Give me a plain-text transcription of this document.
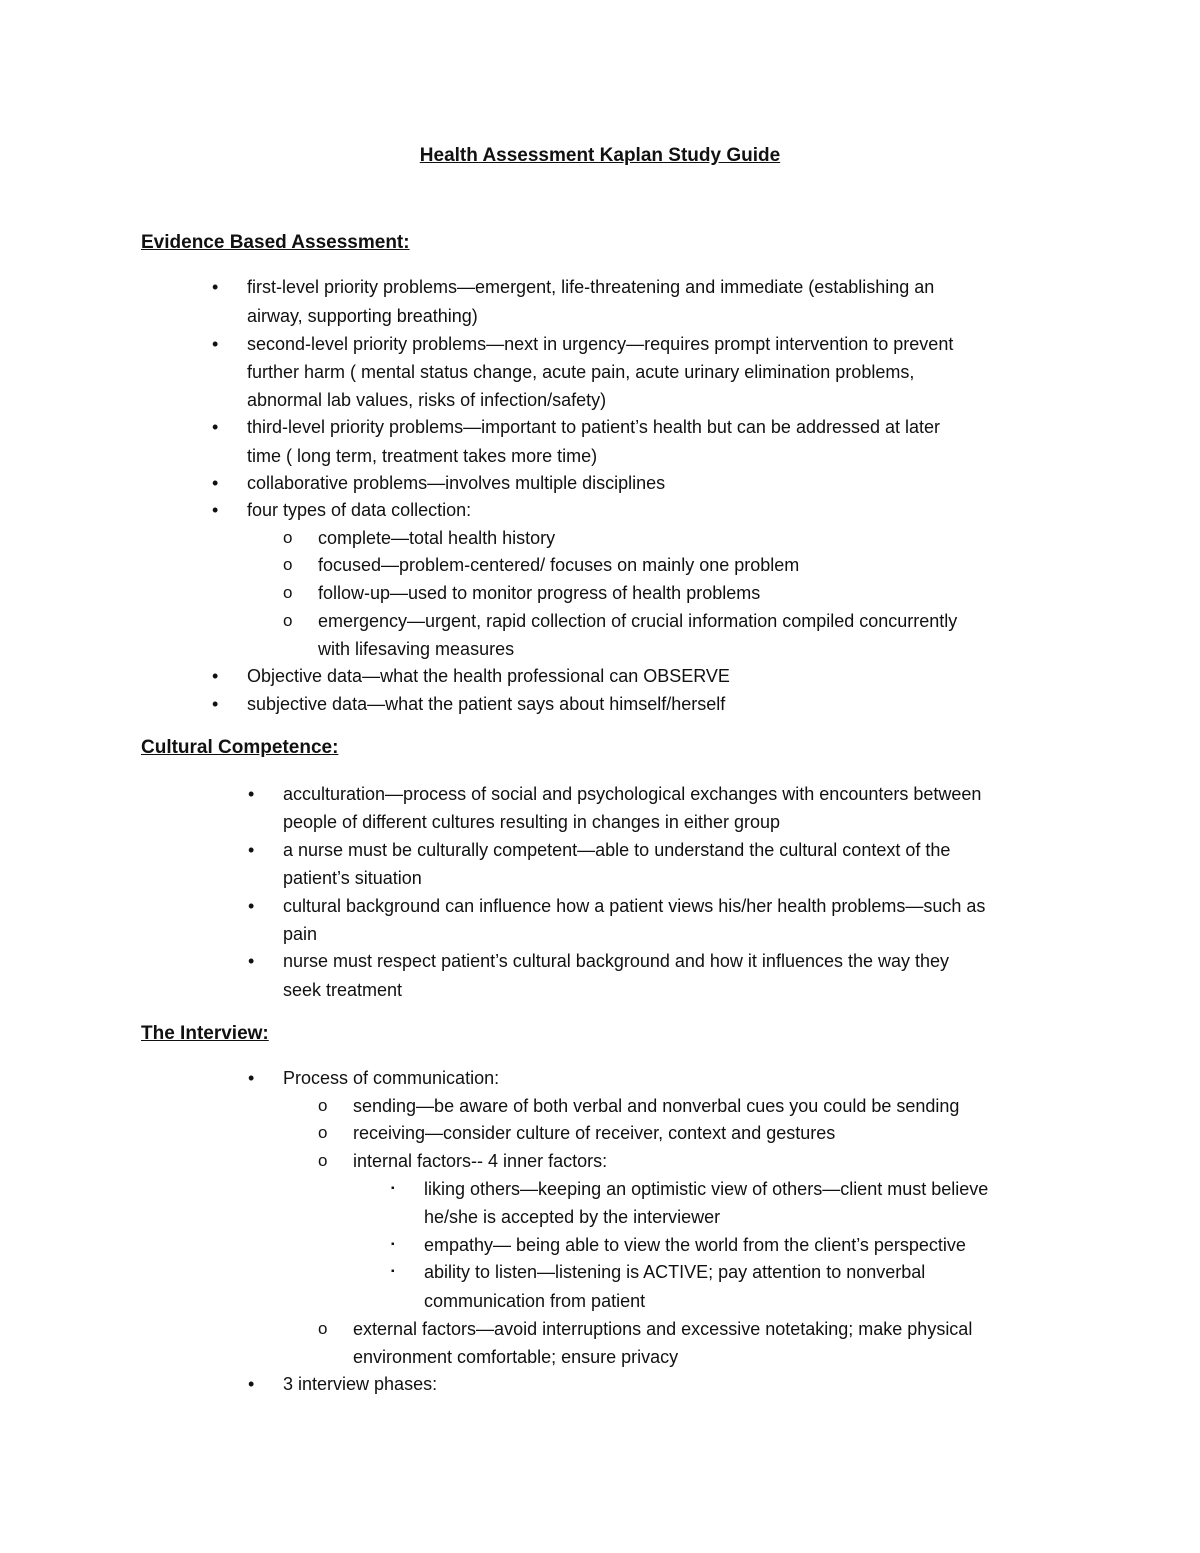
Health Assessment Kaplan Study Guide
Evidence Based Assessment:
• first-level priority problems—emergent, life-threatening and immediate (establishing an
airway, supporting breathing)
• second-level priority problems—next in urgency—requires prompt intervention to prevent
further harm ( mental status change, acute pain, acute urinary elimination problems,
abnormal lab values, risks of infection/safety)
• third-level priority problems—important to patient’s health but can be addressed at later
time ( long term, treatment takes more time)
• collaborative problems—involves multiple disciplines
• four types of data collection:
o complete—total health history
o focused—problem-centered/ focuses on mainly one problem
o follow-up—used to monitor progress of health problems
o emergency—urgent, rapid collection of crucial information compiled concurrently
with lifesaving measures
• Objective data—what the health professional can OBSERVE
• subjective data—what the patient says about himself/herself
Cultural Competence:
• acculturation—process of social and psychological exchanges with encounters between
people of different cultures resulting in changes in either group
• a nurse must be culturally competent—able to understand the cultural context of the
patient’s situation
• cultural background can influence how a patient views his/her health problems—such as
pain
• nurse must respect patient’s cultural background and how it influences the way they
seek treatment
The Interview:
• Process of communication:
o sending—be aware of both verbal and nonverbal cues you could be sending
o receiving—consider culture of receiver, context and gestures
o internal factors-- 4 inner factors:
▪ liking others—keeping an optimistic view of others—client must believe
he/she is accepted by the interviewer
▪ empathy— being able to view the world from the client’s perspective
▪ ability to listen—listening is ACTIVE; pay attention to nonverbal
communication from patient
o external factors—avoid interruptions and excessive notetaking; make physical
environment comfortable; ensure privacy
• 3 interview phases:
